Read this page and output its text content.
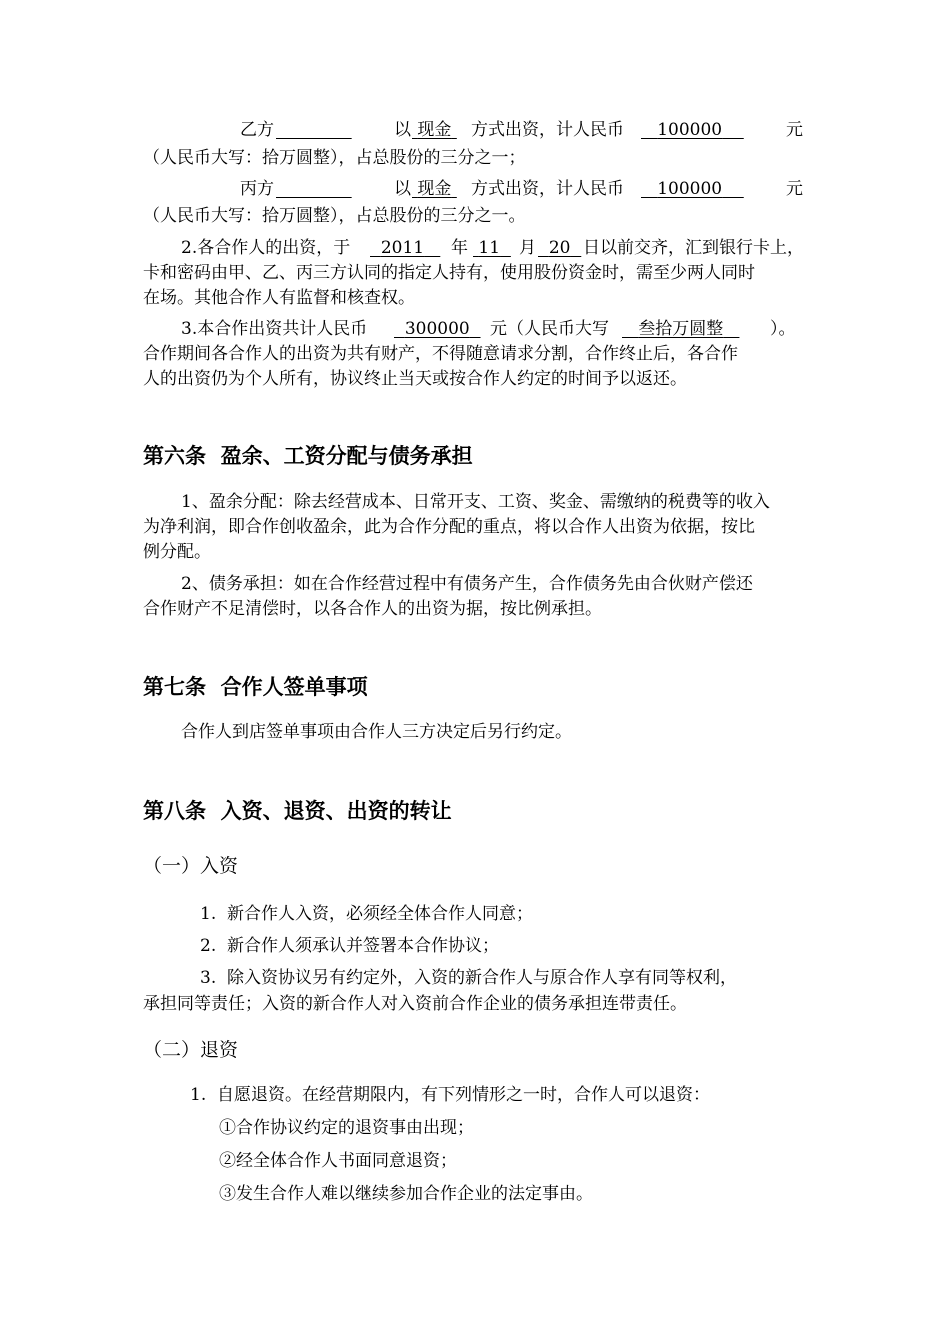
乙方
	以 现金	方式出资，计人民币	100000	元
（人民币大写：拾万圆整），占总股份的三分之一；
丙方
	以 现金	方式出资，计人民币	100000	元
（人民币大写：拾万圆整），占总股份的三分之一。
2.各合作人的出资，于	2011	年 11	月 20 日以前交齐，汇到银行卡上，
卡和密码由甲、乙、丙三方认同的指定人持有，使用股份资金时，需至少两人同时
在场。其他合作人有监督和核查权。
3.本合作出资共计人民币	300000	元（人民币大写	叁拾万圆整	）。
合作期间各合作人的出资为共有财产，不得随意请求分割，合作终止后，各合作
人的出资仍为个人所有，协议终止当天或按合作人约定的时间予以返还。
第六条  盈余、工资分配与债务承担
1、盈余分配：除去经营成本、日常开支、工资、奖金、需缴纳的税费等的收入
为净利润，即合作创收盈余，此为合作分配的重点，将以合作人出资为依据，按比
例分配。
2、债务承担：如在合作经营过程中有债务产生，合作债务先由合伙财产偿还
合作财产不足清偿时，以各合作人的出资为据，按比例承担。
第七条  合作人签单事项
合作人到店签单事项由合作人三方决定后另行约定。
第八条  入资、退资、出资的转让
（一）入资
1.  新合作人入资，必须经全体合作人同意；
2.  新合作人须承认并签署本合作协议；
3.  除入资协议另有约定外，入资的新合作人与原合作人享有同等权利，
承担同等责任；入资的新合作人对入资前合作企业的债务承担连带责任。
（二）退资
1.  自愿退资。在经营期限内，有下列情形之一时，合作人可以退资：
①合作协议约定的退资事由出现；
②经全体合作人书面同意退资；
③发生合作人难以继续参加合作企业的法定事由。
